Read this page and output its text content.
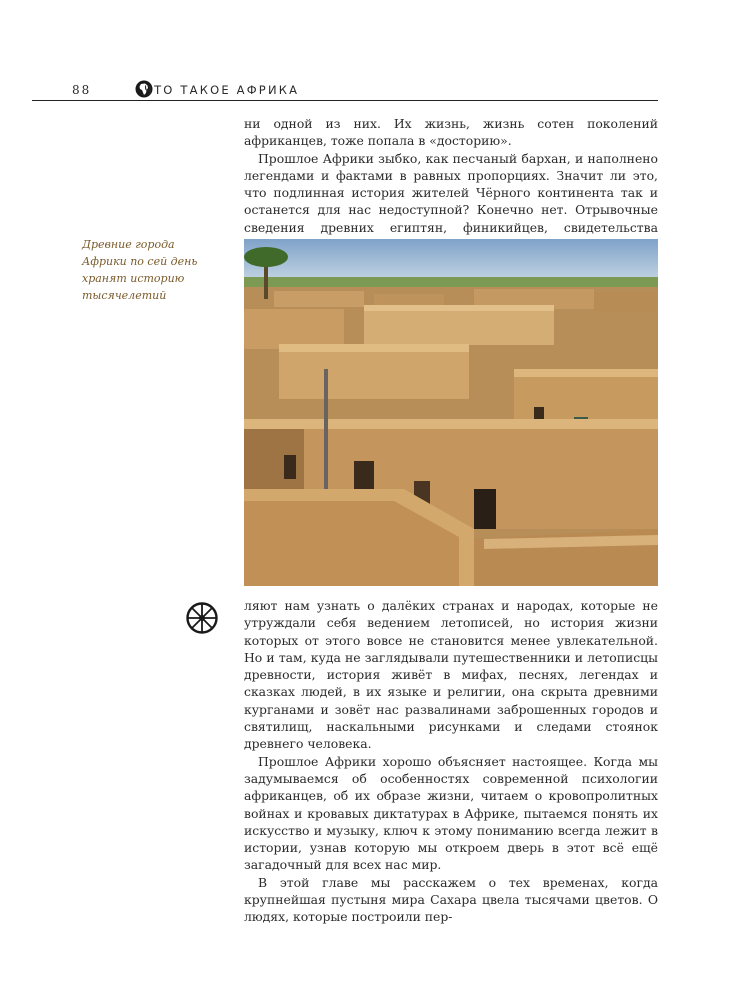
88	ЧТО ТАКОЕ АФРИКА

ни одной из них. Их жизнь, жизнь сотен поколений африканцев, тоже попала в «досторию».

Прошлое Африки зыбко, как песчаный бархан, и наполнено легендами и фактами в равных пропорциях. Значит ли это, что подлинная история жителей Чёрного континента так и останется для нас недоступной? Конечно нет. Отрывочные сведения древних египтян, финикийцев, свидетельства

Древние города Африки по сей день хранят историю тысячелетий

ляют нам узнать о далёких странах и народах, которые не утруждали себя ведением летописей, но история жизни которых от этого вовсе не становится менее увлекательной. Но и там, куда не заглядывали путешественники и летописцы древности, история живёт в мифах, песнях, легендах и сказках людей, в их языке и религии, она скрыта древними курганами и зовёт нас развалинами заброшенных городов и святилищ, наскальными рисунками и следами стоянок древнего человека.

Прошлое Африки хорошо объясняет настоящее. Когда мы задумываемся об особенностях современной психологии африканцев, об их образе жизни, читаем о кровопролитных войнах и кровавых диктатурах в Африке, пытаемся понять их искусство и музыку, ключ к этому пониманию всегда лежит в истории, узнав которую мы откроем дверь в этот всё ещё загадочный для всех нас мир.

В этой главе мы расскажем о тех временах, когда крупнейшая пустыня мира Сахара цвела тысячами цветов. О людях, которые построили пер-
